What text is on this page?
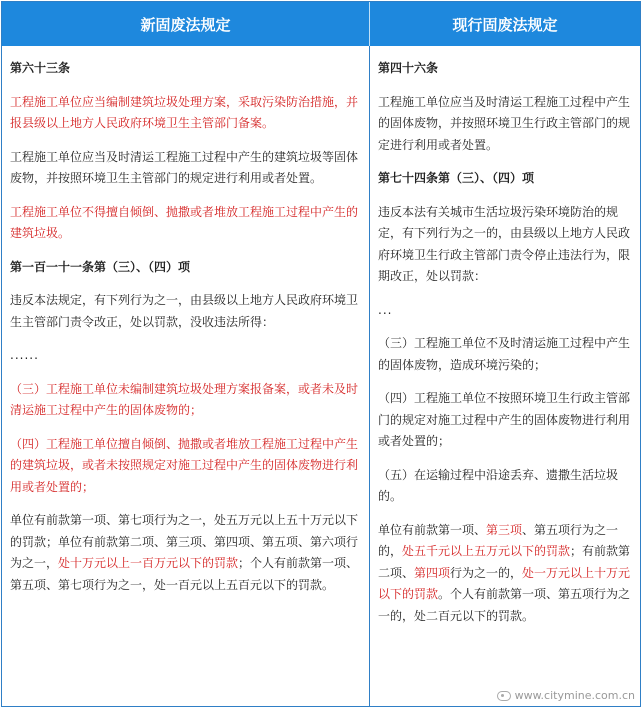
新固废法规定	现行固废法规定
第六十三条
工程施工单位应当编制建筑垃圾处理方案，采取污染防治措施，并报县级以上地方人民政府环境卫生主管部门备案。
工程施工单位应当及时清运工程施工过程中产生的建筑垃圾等固体废物，并按照环境卫生主管部门的规定进行利用或者处置。
工程施工单位不得擅自倾倒、抛撒或者堆放工程施工过程中产生的建筑垃圾。
第一百一十一条第（三）、（四）项
违反本法规定，有下列行为之一，由县级以上地方人民政府环境卫生主管部门责令改正，处以罚款，没收违法所得：
......
（三）工程施工单位未编制建筑垃圾处理方案报备案，或者未及时清运施工过程中产生的固体废物的；
（四）工程施工单位擅自倾倒、抛撒或者堆放工程施工过程中产生的建筑垃圾，或者未按照规定对施工过程中产生的固体废物进行利用或者处置的；
单位有前款第一项、第七项行为之一，处五万元以上五十万元以下的罚款；单位有前款第二项、第三项、第四项、第五项、第六项行为之一，处十万元以上一百万元以下的罚款；个人有前款第一项、第五项、第七项行为之一，处一百元以上五百元以下的罚款。
第四十六条
工程施工单位应当及时清运工程施工过程中产生的固体废物，并按照环境卫生行政主管部门的规定进行利用或者处置。
第七十四条第（三）、（四）项
违反本法有关城市生活垃圾污染环境防治的规定，有下列行为之一的，由县级以上地方人民政府环境卫生行政主管部门责令停止违法行为，限期改正，处以罚款：
...
（三）工程施工单位不及时清运施工过程中产生的固体废物，造成环境污染的；
（四）工程施工单位不按照环境卫生行政主管部门的规定对施工过程中产生的固体废物进行利用或者处置的；
（五）在运输过程中沿途丢弃、遗撒生活垃圾的。
单位有前款第一项、第三项、第五项行为之一的，处五千元以上五万元以下的罚款；有前款第二项、第四项行为之一的，处一万元以上十万元以下的罚款。个人有前款第一项、第五项行为之一的，处二百元以下的罚款。
www.citymine.com.cn
